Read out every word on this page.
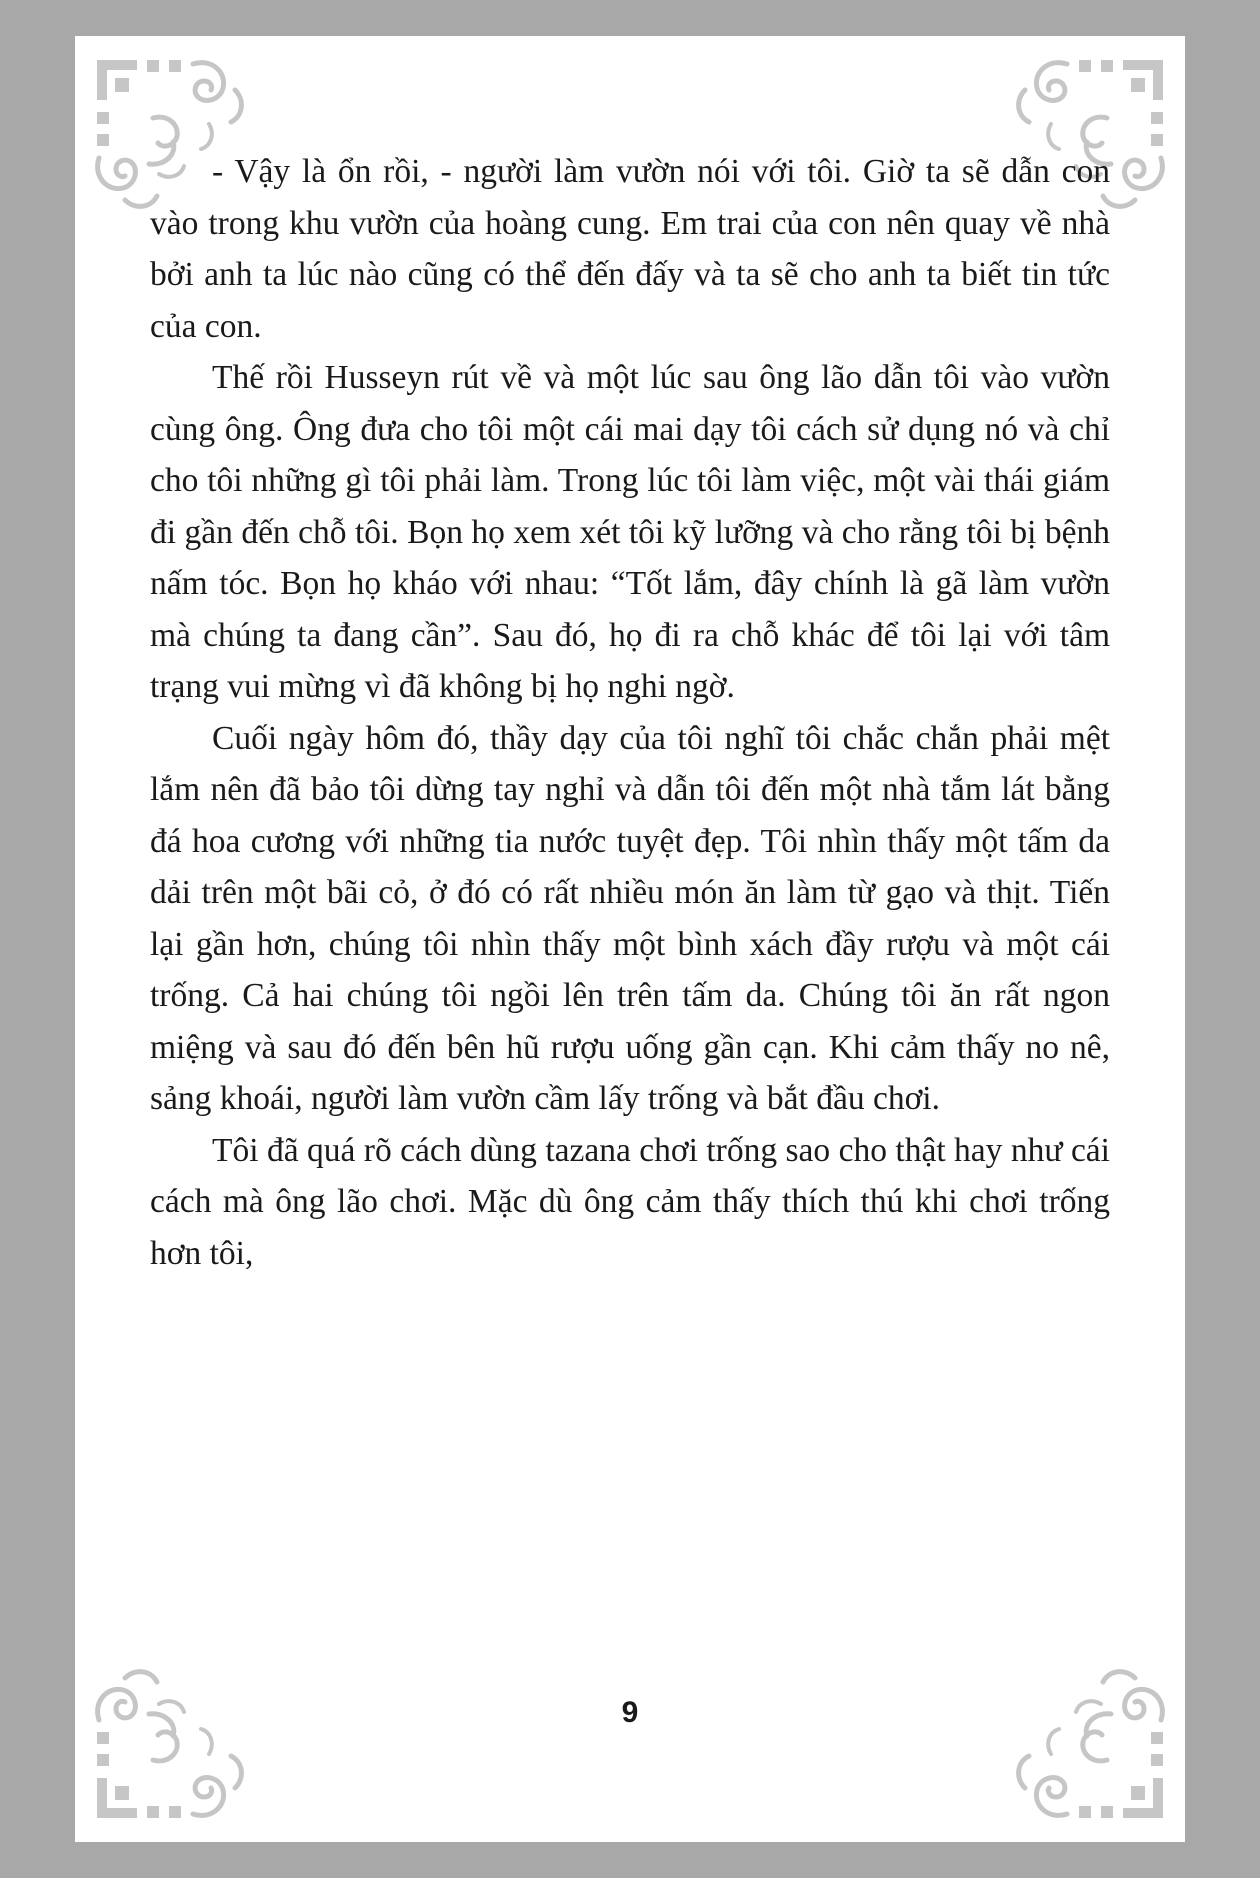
- Vậy là ổn rồi, - người làm vườn nói với tôi. Giờ ta sẽ dẫn con vào trong khu vườn của hoàng cung. Em trai của con nên quay về nhà bởi anh ta lúc nào cũng có thể đến đấy và ta sẽ cho anh ta biết tin tức của con.

Thế rồi Husseyn rút về và một lúc sau ông lão dẫn tôi vào vườn cùng ông. Ông đưa cho tôi một cái mai dạy tôi cách sử dụng nó và chỉ cho tôi những gì tôi phải làm. Trong lúc tôi làm việc, một vài thái giám đi gần đến chỗ tôi. Bọn họ xem xét tôi kỹ lưỡng và cho rằng tôi bị bệnh nấm tóc. Bọn họ kháo với nhau: “Tốt lắm, đây chính là gã làm vườn mà chúng ta đang cần”. Sau đó, họ đi ra chỗ khác để tôi lại với tâm trạng vui mừng vì đã không bị họ nghi ngờ.

Cuối ngày hôm đó, thầy dạy của tôi nghĩ tôi chắc chắn phải mệt lắm nên đã bảo tôi dừng tay nghỉ và dẫn tôi đến một nhà tắm lát bằng đá hoa cương với những tia nước tuyệt đẹp. Tôi nhìn thấy một tấm da dải trên một bãi cỏ, ở đó có rất nhiều món ăn làm từ gạo và thịt. Tiến lại gần hơn, chúng tôi nhìn thấy một bình xách đầy rượu và một cái trống. Cả hai chúng tôi ngồi lên trên tấm da. Chúng tôi ăn rất ngon miệng và sau đó đến bên hũ rượu uống gần cạn. Khi cảm thấy no nê, sảng khoái, người làm vườn cầm lấy trống và bắt đầu chơi.

Tôi đã quá rõ cách dùng tazana chơi trống sao cho thật hay như cái cách mà ông lão chơi. Mặc dù ông cảm thấy thích thú khi chơi trống hơn tôi,

9
